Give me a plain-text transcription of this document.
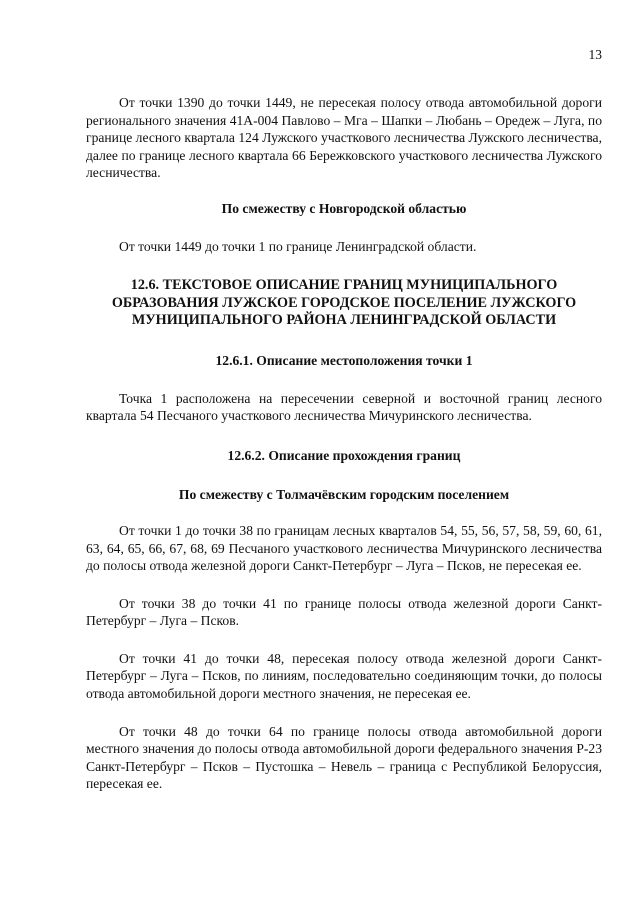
13

От точки 1390 до точки 1449, не пересекая полосу отвода автомобильной дороги регионального значения 41А-004 Павлово – Мга – Шапки – Любань – Оредеж – Луга, по границе лесного квартала 124 Лужского участкового лесничества Лужского лесничества, далее по границе лесного квартала 66 Бережковского участкового лесничества Лужского лесничества.

По смежеству с Новгородской областью

От точки 1449 до точки 1 по границе Ленинградской области.

12.6. ТЕКСТОВОЕ ОПИСАНИЕ ГРАНИЦ МУНИЦИПАЛЬНОГО ОБРАЗОВАНИЯ ЛУЖСКОЕ ГОРОДСКОЕ ПОСЕЛЕНИЕ ЛУЖСКОГО МУНИЦИПАЛЬНОГО РАЙОНА ЛЕНИНГРАДСКОЙ ОБЛАСТИ

12.6.1. Описание местоположения точки 1

Точка 1 расположена на пересечении северной и восточной границ лесного квартала 54 Песчаного участкового лесничества Мичуринского лесничества.

12.6.2. Описание прохождения границ

По смежеству с Толмачёвским городским поселением

От точки 1 до точки 38 по границам лесных кварталов 54, 55, 56, 57, 58, 59, 60, 61, 63, 64, 65, 66, 67, 68, 69 Песчаного участкового лесничества Мичуринского лесничества до полосы отвода железной дороги Санкт-Петербург – Луга – Псков, не пересекая ее.

От точки 38 до точки 41 по границе полосы отвода железной дороги Санкт-Петербург – Луга – Псков.

От точки 41 до точки 48, пересекая полосу отвода железной дороги Санкт-Петербург – Луга – Псков, по линиям, последовательно соединяющим точки, до полосы отвода автомобильной дороги местного значения, не пересекая ее.

От точки 48 до точки 64 по границе полосы отвода автомобильной дороги местного значения до полосы отвода автомобильной дороги федерального значения Р-23 Санкт-Петербург – Псков – Пустошка – Невель – граница с Республикой Белоруссия, пересекая ее.
